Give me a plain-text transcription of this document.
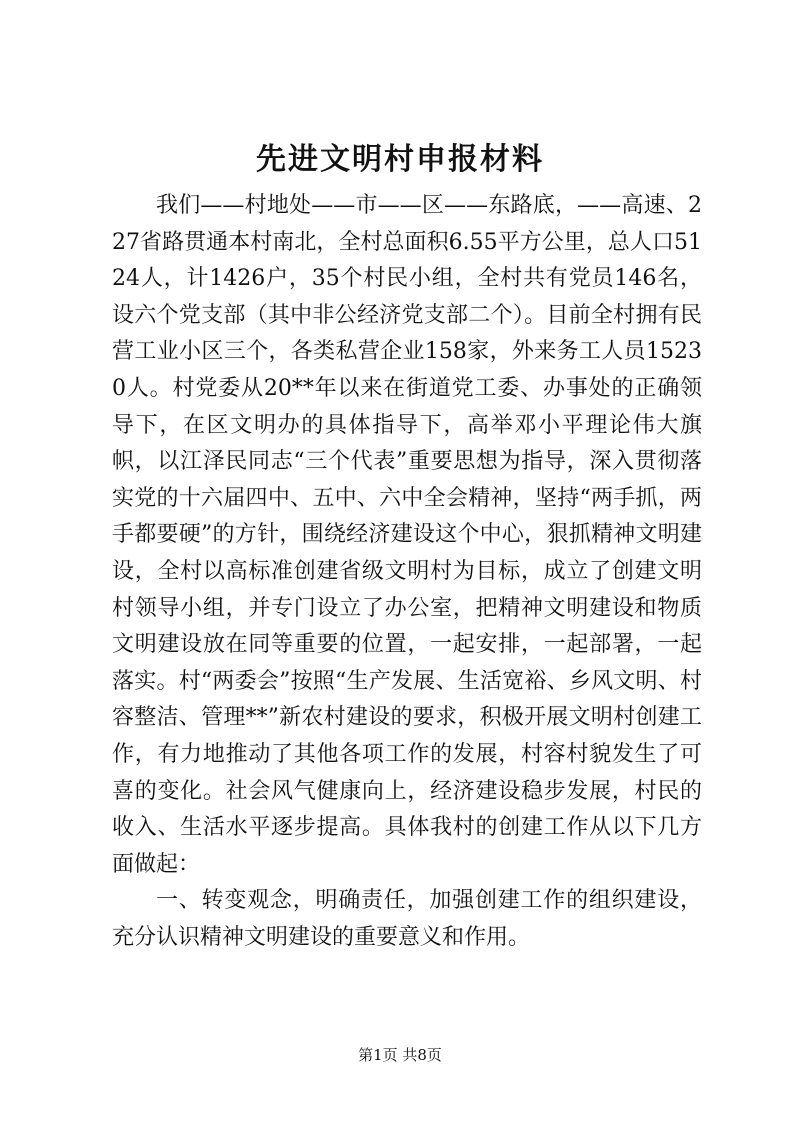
先进文明村申报材料

我们——村地处——市——区——东路底，——高速、227省路贯通本村南北，全村总面积6.55平方公里，总人口5124人，计1426户，35个村民小组，全村共有党员146名，设六个党支部（其中非公经济党支部二个）。目前全村拥有民营工业小区三个，各类私营企业158家，外来务工人员15230人。村党委从20**年以来在街道党工委、办事处的正确领导下，在区文明办的具体指导下，高举邓小平理论伟大旗帜，以江泽民同志“三个代表”重要思想为指导，深入贯彻落实党的十六届四中、五中、六中全会精神，坚持“两手抓，两手都要硬”的方针，围绕经济建设这个中心，狠抓精神文明建设，全村以高标准创建省级文明村为目标，成立了创建文明村领导小组，并专门设立了办公室，把精神文明建设和物质文明建设放在同等重要的位置，一起安排，一起部署，一起落实。村“两委会”按照“生产发展、生活宽裕、乡风文明、村容整洁、管理**”新农村建设的要求，积极开展文明村创建工作，有力地推动了其他各项工作的发展，村容村貌发生了可喜的变化。社会风气健康向上，经济建设稳步发展，村民的收入、生活水平逐步提高。具体我村的创建工作从以下几方面做起：

一、转变观念，明确责任，加强创建工作的组织建设，充分认识精神文明建设的重要意义和作用。

第1页 共8页
